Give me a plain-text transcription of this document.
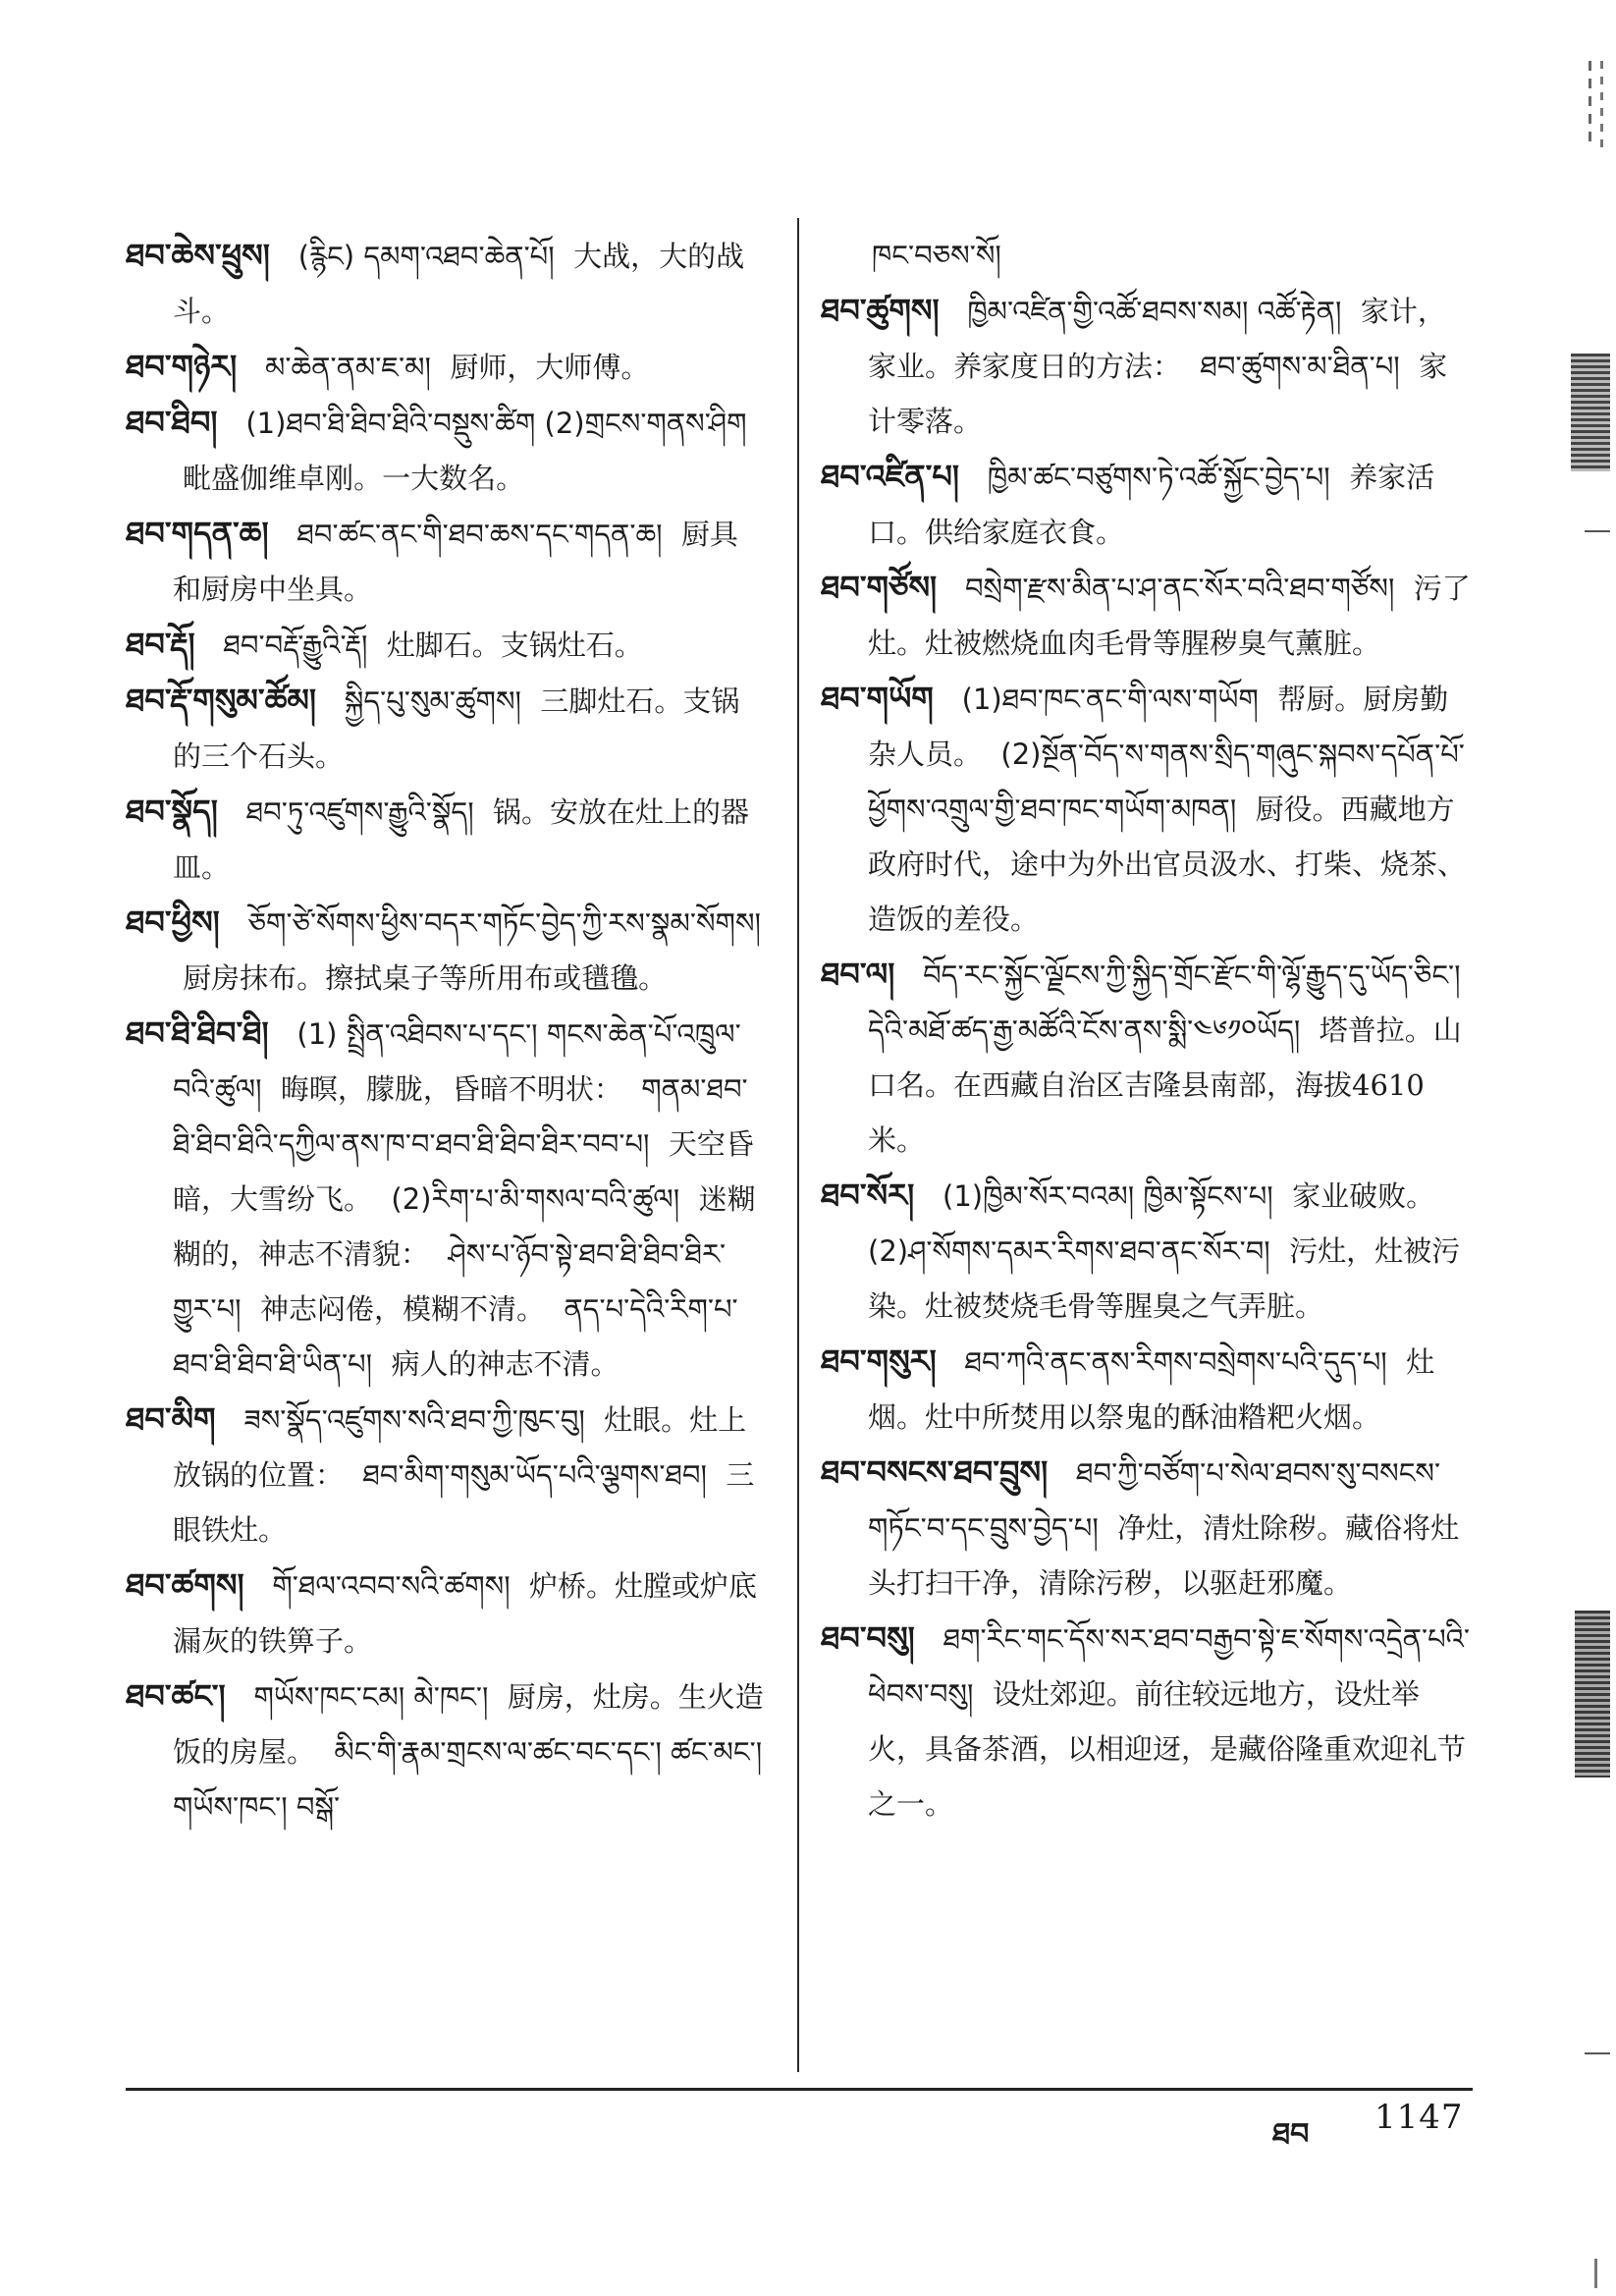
ཐབ་ཆེས་ཕྲུས། (རྙིང) དམག་འཐབ་ཆེན་པོ། 大战，大的战斗。

ཐབ་གཉེར། མ་ཆེན་ནམ་ཇ་མ། 厨师，大师傅。

ཐབ་ཐིབ། (1)ཐབ་ཐི་ཐིབ་ཐིའི་བསྡུས་ཚིག (2)གྲངས་གནས་ཤིག 毗盛伽维卓刚。一大数名。

ཐབ་གདན་ཆ། ཐབ་ཚང་ནང་གི་ཐབ་ཆས་དང་གདན་ཆ། 厨具和厨房中坐具。

ཐབ་རྡོ། ཐབ་བརྡོ་རྒྱུའི་རྡོ། 灶脚石。支锅灶石。

ཐབ་རྡོ་གསུམ་ཚོམ། སྐྱིད་པུ་སུམ་ཚུགས། 三脚灶石。支锅的三个石头。

ཐབ་སྣོད། ཐབ་ཏུ་འཛུགས་རྒྱུའི་སྣོད། 锅。安放在灶上的器皿。

ཐབ་ཕྱིས། ཅོག་ཙེ་སོགས་ཕྱིས་བདར་གཏོང་བྱེད་ཀྱི་རས་སྣམ་སོགས། 厨房抹布。擦拭桌子等所用布或氆氇。

ཐབ་ཐི་ཐིབ་ཐི། (1) སྤྲིན་འཐིབས་པ་དང་། གངས་ཆེན་པོ་འཁྲུལ་བའི་ཚུལ། 晦暝，朦胧，昏暗不明状： གནམ་ཐབ་ཐི་ཐིབ་ཐིའི་དཀྱིལ་ནས་ཁ་བ་ཐབ་ཐི་ཐིབ་ཐིར་བབ་པ། 天空昏暗，大雪纷飞。 (2)རིག་པ་མི་གསལ་བའི་ཚུལ། 迷糊糊的，神志不清貌： ཤེས་པ་ཉོབ་སྟེ་ཐབ་ཐི་ཐིབ་ཐིར་གྱུར་པ། 神志闷倦，模糊不清。 ནད་པ་དེའི་རིག་པ་ཐབ་ཐི་ཐིབ་ཐི་ཡིན་པ། 病人的神志不清。

ཐབ་མིག ཟས་སྣོད་འཛུགས་སའི་ཐབ་ཀྱི་ཁུང་བུ། 灶眼。灶上放锅的位置： ཐབ་མིག་གསུམ་ཡོད་པའི་ལྕགས་ཐབ། 三眼铁灶。

ཐབ་ཚགས། གོ་ཐལ་འབབ་སའི་ཚགས། 炉桥。灶膛或炉底漏灰的铁箅子。

ཐབ་ཚང་། གཡོས་ཁང་ངམ། མེ་ཁང་། 厨房，灶房。生火造饭的房屋。 མིང་གི་རྣམ་གྲངས་ལ་ཚང་བང་དང་། ཚང་མང་། གཡོས་ཁང་། བསྒོ་

ཁང་བཅས་སོ།

ཐབ་ཚུགས། ཁྱིམ་འཛིན་གྱི་འཚོ་ཐབས་སམ། འཚོ་རྟེན། 家计，家业。养家度日的方法： ཐབ་ཚུགས་མ་ཐིན་པ། 家计零落。

ཐབ་འཛིན་པ། ཁྱིམ་ཚང་བཙུགས་ཏེ་འཚོ་སྐྱོང་བྱེད་པ། 养家活口。供给家庭衣食。

ཐབ་གཙོས། བསྲེག་རྫས་མིན་པ་ཤ་ནང་སོར་བའི་ཐབ་གཙོས། 污了灶。灶被燃烧血肉毛骨等腥秽臭气薰脏。

ཐབ་གཡོག (1)ཐབ་ཁང་ནང་གི་ལས་གཡོག 帮厨。厨房勤杂人员。 (2)སྔོན་བོད་ས་གནས་སྲིད་གཞུང་སྐབས་དཔོན་པོ་ཕྱོགས་འགྲུལ་གྱི་ཐབ་ཁང་གཡོག་མཁན། 厨役。西藏地方政府时代，途中为外出官员汲水、打柴、烧茶、造饭的差役。

ཐབ་ལ། བོད་རང་སྐྱོང་ལྗོངས་ཀྱི་སྐྱིད་གྲོང་རྫོང་གི་ལྷོ་རྒྱུད་དུ་ཡོད་ཅིང་། དེའི་མཐོ་ཚད་རྒྱ་མཚོའི་ངོས་ནས་སྨི་༤༦༡༠ཡོད། 塔普拉。山口名。在西藏自治区吉隆县南部，海拔4610米。

ཐབ་སོར། (1)ཁྱིམ་སོར་བའམ། ཁྱིམ་སྟོངས་པ། 家业破败。 (2)ཤ་སོགས་དམར་རིགས་ཐབ་ནང་སོར་བ། 污灶，灶被污染。灶被焚烧毛骨等腥臭之气弄脏。

ཐབ་གསུར། ཐབ་ཀའི་ནང་ནས་རིགས་བསྲེགས་པའི་དུད་པ། 灶烟。灶中所焚用以祭鬼的酥油糌粑火烟。

ཐབ་བསངས་ཐབ་བྲུས། ཐབ་ཀྱི་བཙོག་པ་སེལ་ཐབས་སུ་བསངས་གཏོང་བ་དང་བྲུས་བྱེད་པ། 净灶，清灶除秽。藏俗将灶头打扫干净，清除污秽，以驱赶邪魔。

ཐབ་བསུ། ཐག་རིང་གང་དོས་སར་ཐབ་བརྒྱབ་སྟེ་ཇ་སོགས་འདྲེན་པའི་ཕེབས་བསུ། 设灶郊迎。前往较远地方，设灶举火，具备茶酒，以相迎迓，是藏俗隆重欢迎礼节之一。

ཐབ 1147
